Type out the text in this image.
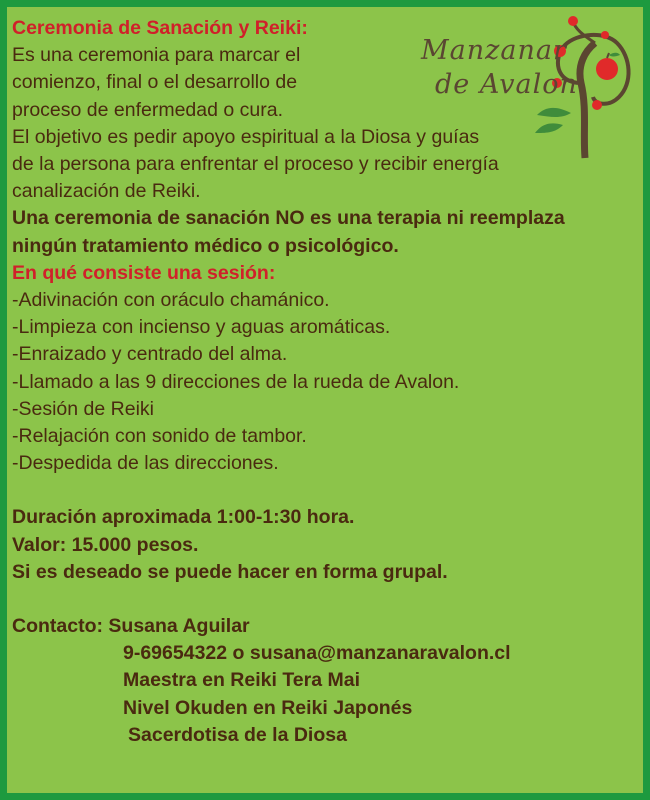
Manzanar
de Avalon
Ceremonia de Sanación y Reiki:
Es una ceremonia para marcar el
comienzo, final o el desarrollo de
proceso de enfermedad o cura.
El objetivo es pedir apoyo espiritual a la Diosa y guías
de la persona para enfrentar el proceso y recibir energía
canalización de Reiki.
Una ceremonia de sanación NO es una terapia ni reemplaza
ningún tratamiento médico o psicológico.
En qué consiste una sesión:
-Adivinación con oráculo chamánico.
-Limpieza con incienso y aguas aromáticas.
-Enraizado y centrado del alma.
-Llamado a las 9 direcciones de la rueda de Avalon.
-Sesión de Reiki
-Relajación con sonido de tambor.
-Despedida de las direcciones.
Duración aproximada 1:00-1:30 hora.
Valor: 15.000 pesos.
Si es deseado se puede hacer en forma grupal.
Contacto: Susana Aguilar
9-69654322 o susana@manzanaravalon.cl
Maestra en Reiki Tera Mai
Nivel Okuden en Reiki Japonés
Sacerdotisa de la Diosa
